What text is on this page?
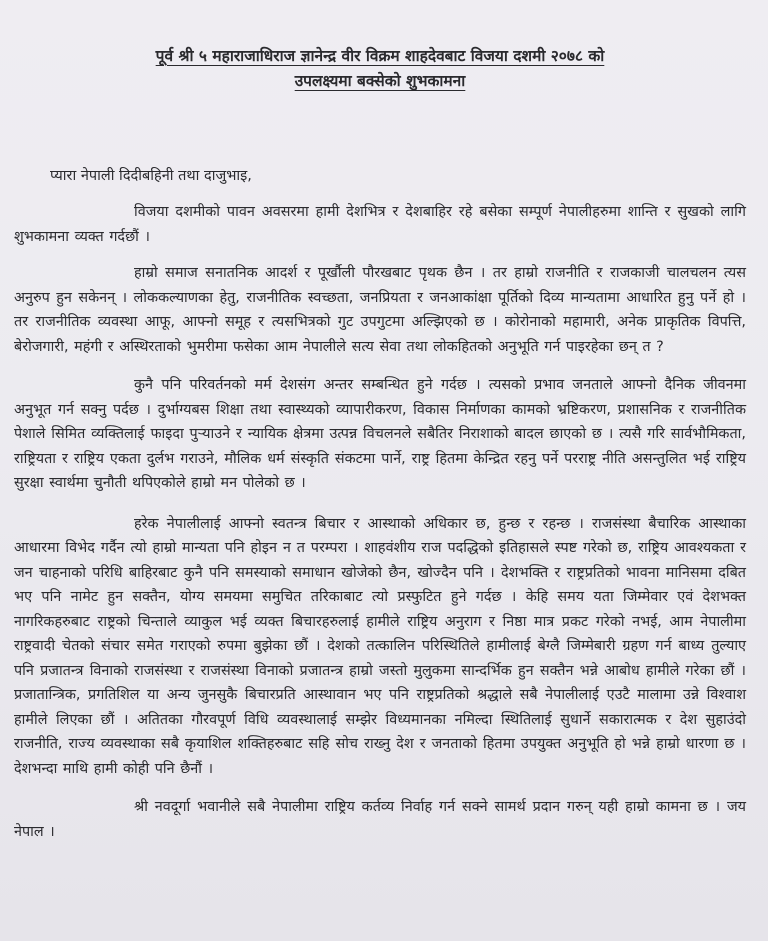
पूर्व श्री ५ महाराजाधिराज ज्ञानेन्द्र वीर विक्रम शाहदेवबाट विजया दशमी २०७८ को
उपलक्ष्यमा बक्सेको शुभकामना

प्यारा नेपाली दिदीबहिनी तथा दाजुभाइ,

विजया दशमीको पावन अवसरमा हामी देशभित्र र देशबाहिर रहे बसेका सम्पूर्ण नेपालीहरुमा शान्ति र सुखको लागि शुभकामना व्यक्त गर्दछौं ।

हाम्रो समाज सनातनिक आदर्श र पूर्खौली पौरखबाट पृथक छैन । तर हाम्रो राजनीति र राजकाजी चालचलन त्यस अनुरुप हुन सकेनन् । लोककल्याणका हेतु, राजनीतिक स्वच्छता, जनप्रियता र जनआकांक्षा पूर्तिको दिव्य मान्यतामा आधारित हुनु पर्ने हो । तर राजनीतिक व्यवस्था आफू, आफ्नो समूह र त्यसभित्रको गुट उपगुटमा अल्झिएको छ । कोरोनाको महामारी, अनेक प्राकृतिक विपत्ति, बेरोजगारी, महंगी र अस्थिरताको भुमरीमा फसेका आम नेपालीले सत्य सेवा तथा लोकहितको अनुभूति गर्न पाइरहेका छन् त ?

कुनै पनि परिवर्तनको मर्म देशसंग अन्तर सम्बन्धित हुने गर्दछ । त्यसको प्रभाव जनताले आफ्नो दैनिक जीवनमा अनुभूत गर्न सक्नु पर्दछ । दुर्भाग्यबस शिक्षा तथा स्वास्थ्यको व्यापारीकरण, विकास निर्माणका कामको भ्रष्टिकरण, प्रशासनिक र राजनीतिक पेशाले सिमित व्यक्तिलाई फाइदा पुऱ्याउने र न्यायिक क्षेत्रमा उत्पन्न विचलनले सबैतिर निराशाको बादल छाएको छ । त्यसै गरि सार्वभौमिकता, राष्ट्रियता र राष्ट्रिय एकता दुर्लभ गराउने, मौलिक धर्म संस्कृति संकटमा पार्ने, राष्ट्र हितमा केन्द्रित रहनु पर्ने परराष्ट्र नीति असन्तुलित भई राष्ट्रिय सुरक्षा स्वार्थमा चुनौती थपिएकोले हाम्रो मन पोलेको छ ।

हरेक नेपालीलाई आफ्नो स्वतन्त्र बिचार र आस्थाको अधिकार छ, हुन्छ र रहन्छ । राजसंस्था बैचारिक आस्थाका आधारमा विभेद गर्दैन त्यो हाम्रो मान्यता पनि होइन न त परम्परा । शाहवंशीय राज पदद्धिको इतिहासले स्पष्ट गरेको छ, राष्ट्रिय आवश्यकता र जन चाहनाको परिधि बाहिरबाट कुनै पनि समस्याको समाधान खोजेको छैन, खोज्दैन पनि । देशभक्ति र राष्ट्रप्रतिको भावना मानिसमा दबित भए पनि नामेट हुन सक्तैन, योग्य समयमा समुचित तरिकाबाट त्यो प्रस्फुटित हुने गर्दछ । केहि समय यता जिम्मेवार एवं देशभक्त नागरिकहरुबाट राष्ट्रको चिन्ताले व्याकुल भई व्यक्त बिचारहरुलाई हामीले राष्ट्रिय अनुराग र निष्ठा मात्र प्रकट गरेको नभई, आम नेपालीमा राष्ट्रवादी चेतको संचार समेत गराएको रुपमा बुझेका छौं । देशको तत्कालिन परिस्थितिले हामीलाई बेग्लै जिम्मेबारी ग्रहण गर्न बाध्य तुल्याए पनि प्रजातन्त्र विनाको राजसंस्था र राजसंस्था विनाको प्रजातन्त्र हाम्रो जस्तो मुलुकमा सान्दर्भिक हुन सक्तैन भन्ने आबोध हामीले गरेका छौं । प्रजातान्त्रिक, प्रगतिशिल या अन्य जुनसुकै बिचारप्रति आस्थावान भए पनि राष्ट्रप्रतिको श्रद्धाले सबै नेपालीलाई एउटै मालामा उन्ने विश्वाश हामीले लिएका छौं । अतितका गौरवपूर्ण विधि व्यवस्थालाई सम्झेर विध्यमानका नमिल्दा स्थितिलाई सुधार्ने सकारात्मक र देश सुहाउंदो राजनीति, राज्य व्यवस्थाका सबै कृयाशिल शक्तिहरुबाट सहि सोच राख्नु देश र जनताको हितमा उपयुक्त अनुभूति हो भन्ने हाम्रो धारणा छ । देशभन्दा माथि हामी कोही पनि छैनौं ।

श्री नवदूर्गा भवानीले सबै नेपालीमा राष्ट्रिय कर्तव्य निर्वाह गर्न सक्ने सामर्थ प्रदान गरुन् यही हाम्रो कामना छ । जय नेपाल ।
